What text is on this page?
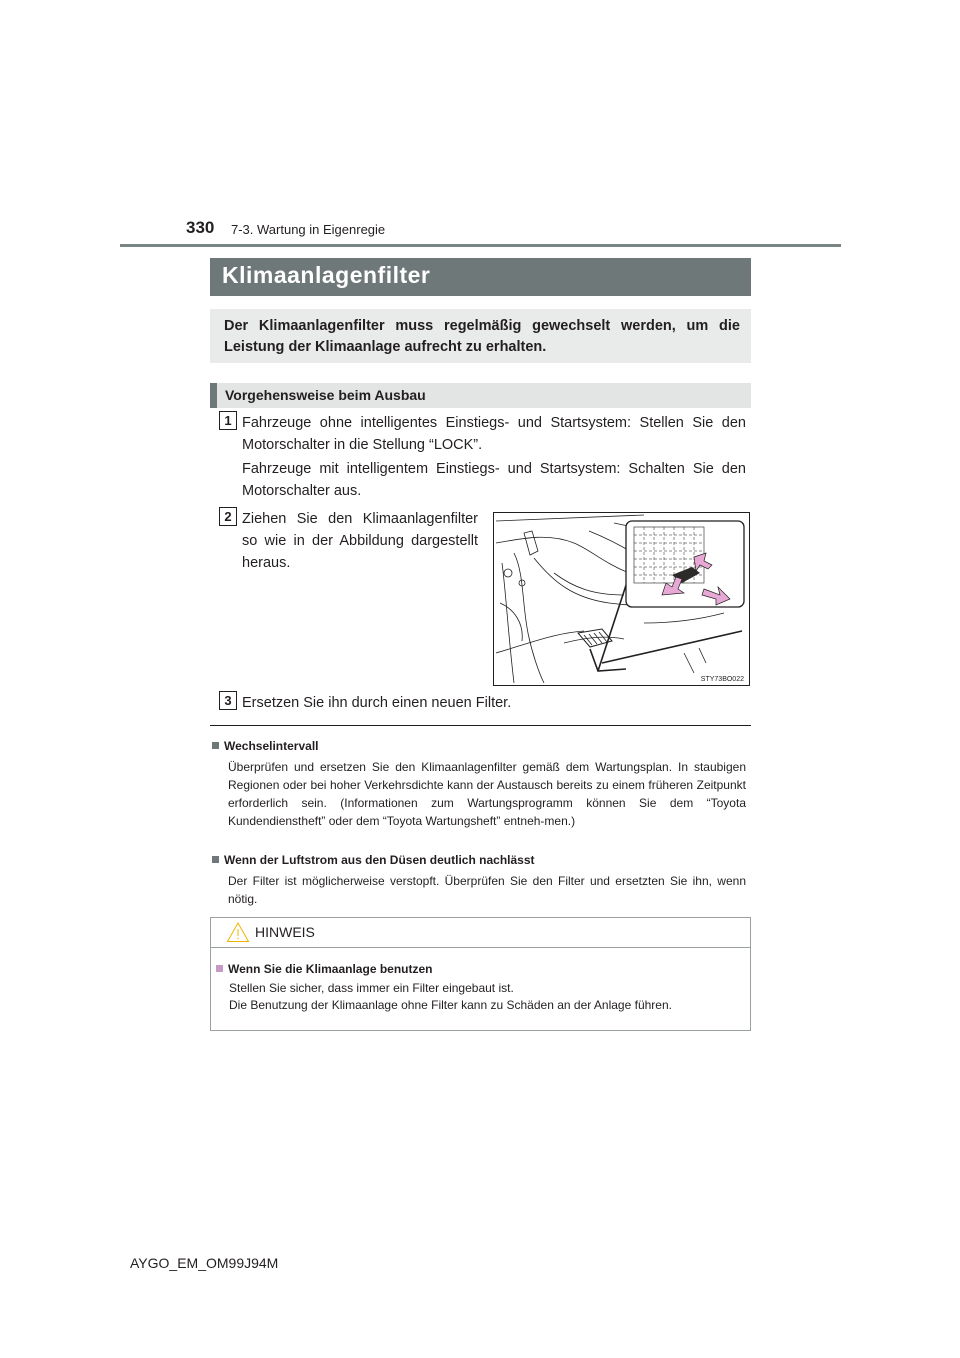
330 7-3. Wartung in Eigenregie
Klimaanlagenfilter

Der Klimaanlagenfilter muss regelmäßig gewechselt werden, um die Leistung der Klimaanlage aufrecht zu erhalten.

Vorgehensweise beim Ausbau
1 Fahrzeuge ohne intelligentes Einstiegs- und Startsystem: Stellen Sie den Motorschalter in die Stellung “LOCK”.

Fahrzeuge mit intelligentem Einstiegs- und Startsystem: Schalten Sie den Motorschalter aus.

2 Ziehen Sie den Klimaanlagenfilter so wie in der Abbildung dargestellt heraus.

STY73BO022
3 Ersetzen Sie ihn durch einen neuen Filter.

Wechselintervall

Überprüfen und ersetzen Sie den Klimaanlagenfilter gemäß dem Wartungsplan. In staubigen Regionen oder bei hoher Verkehrsdichte kann der Austausch bereits zu einem früheren Zeitpunkt erforderlich sein. (Informationen zum Wartungsprogramm können Sie dem “Toyota Kundendienstheft” oder dem “Toyota Wartungsheft” entneh-men.)

Wenn der Luftstrom aus den Düsen deutlich nachlässt

Der Filter ist möglicherweise verstopft. Überprüfen Sie den Filter und ersetzten Sie ihn, wenn nötig.

HINWEIS
Wenn Sie die Klimaanlage benutzen
Stellen Sie sicher, dass immer ein Filter eingebaut ist.
Die Benutzung der Klimaanlage ohne Filter kann zu Schäden an der Anlage führen.
AYGO_EM_OM99J94M
